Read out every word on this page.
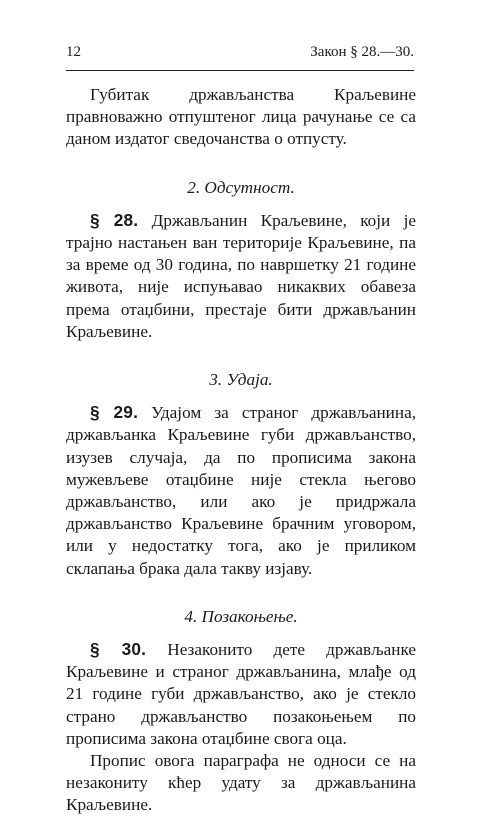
12	Закон § 28.—30.

Губитак држављанства Краљевине правноважно отпуштеног лица рачунање се са даном издатог сведочанства о отпусту.

2. Одсутност.

§ 28. Држављанин Краљевине, који је трајно настањен ван територије Краљевине, па за време од 30 година, по навршетку 21 године живота, није испуњавао никаквих обавеза према отаџбини, престаје бити држављанин Краљевине.

3. Удаја.

§ 29. Удајом за страног држављанина, држављанка Краљевине губи држављанство, изузев случаја, да по прописима закона мужевљеве отаџбине није стекла његово држављанство, или ако је придржала држављанство Краљевине брачним уговором, или у недостатку тога, ако је приликом склапања брака дала такву изјаву.

4. Позакоњење.

§ 30. Незаконито дете држављанке Краљевине и страног држављанина, млађе од 21 године губи држављанство, ако је стекло страно држављанство позакоњењем по прописима закона отаџбине свога оца.

Пропис овога параграфа не односи се на незакониту кћер удату за држављанина Краљевине.
